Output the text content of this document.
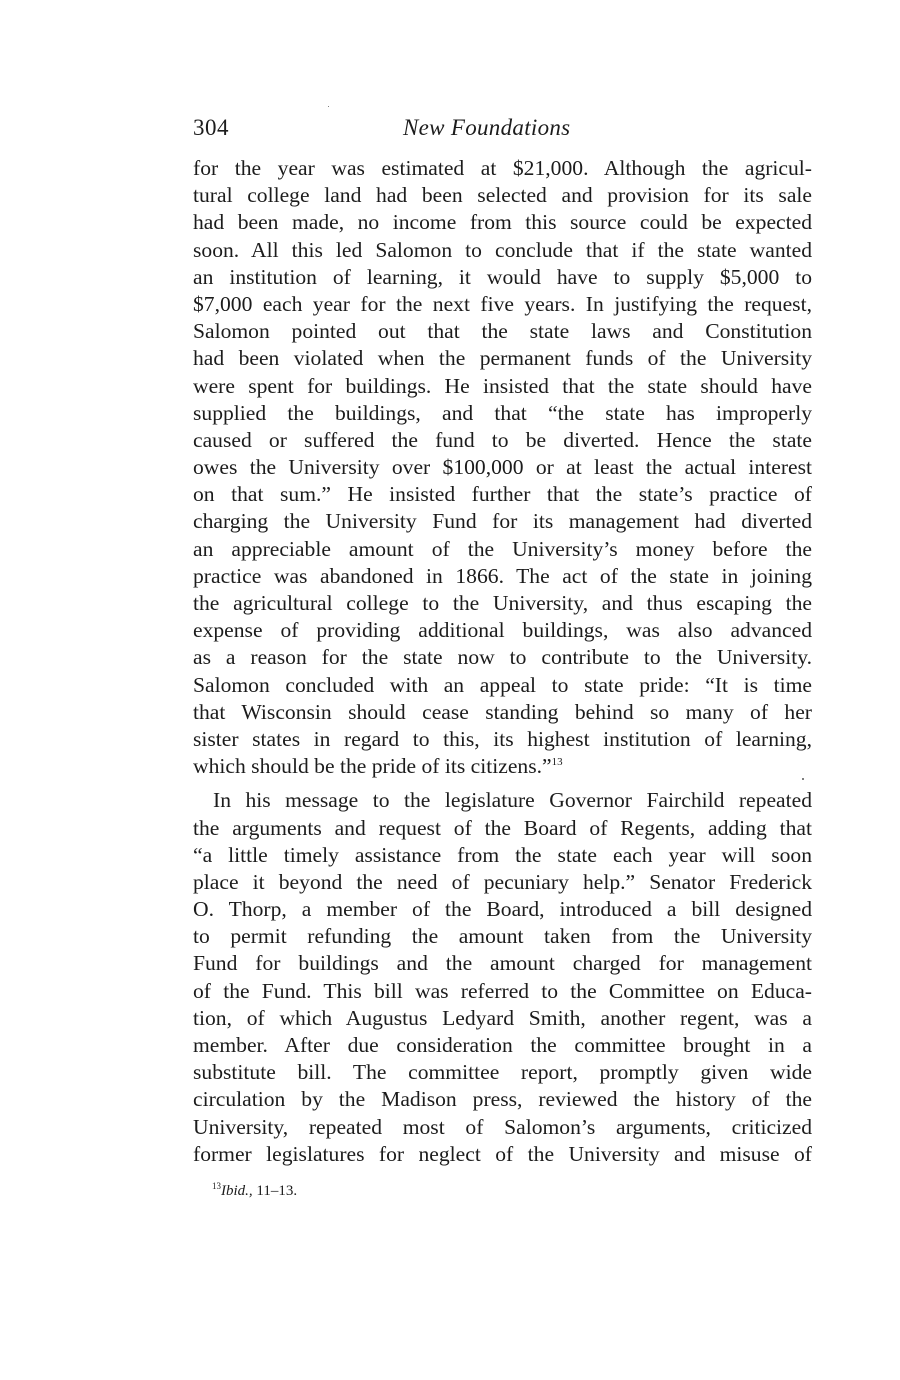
304	New Foundations
for the year was estimated at $21,000. Although the agricul-
tural college land had been selected and provision for its sale
had been made, no income from this source could be expected
soon. All this led Salomon to conclude that if the state wanted
an institution of learning, it would have to supply $5,000 to
$7,000 each year for the next five years. In justifying the request,
Salomon pointed out that the state laws and Constitution
had been violated when the permanent funds of the University
were spent for buildings. He insisted that the state should have
supplied the buildings, and that “the state has improperly
caused or suffered the fund to be diverted. Hence the state
owes the University over $100,000 or at least the actual interest
on that sum.” He insisted further that the state’s practice of
charging the University Fund for its management had diverted
an appreciable amount of the University’s money before the
practice was abandoned in 1866. The act of the state in joining
the agricultural college to the University, and thus escaping the
expense of providing additional buildings, was also advanced
as a reason for the state now to contribute to the University.
Salomon concluded with an appeal to state pride: “It is time
that Wisconsin should cease standing behind so many of her
sister states in regard to this, its highest institution of learning,
which should be the pride of its citizens.”$^{13}$
In his message to the legislature Governor Fairchild repeated
the arguments and request of the Board of Regents, adding that
“a little timely assistance from the state each year will soon
place it beyond the need of pecuniary help.” Senator Frederick
O. Thorp, a member of the Board, introduced a bill designed
to permit refunding the amount taken from the University
Fund for buildings and the amount charged for management
of the Fund. This bill was referred to the Committee on Educa-
tion, of which Augustus Ledyard Smith, another regent, was a
member. After due consideration the committee brought in a
substitute bill. The committee report, promptly given wide
circulation by the Madison press, reviewed the history of the
University, repeated most of Salomon’s arguments, criticized
former legislatures for neglect of the University and misuse of
$^{13}$Ibid., 11–13.
